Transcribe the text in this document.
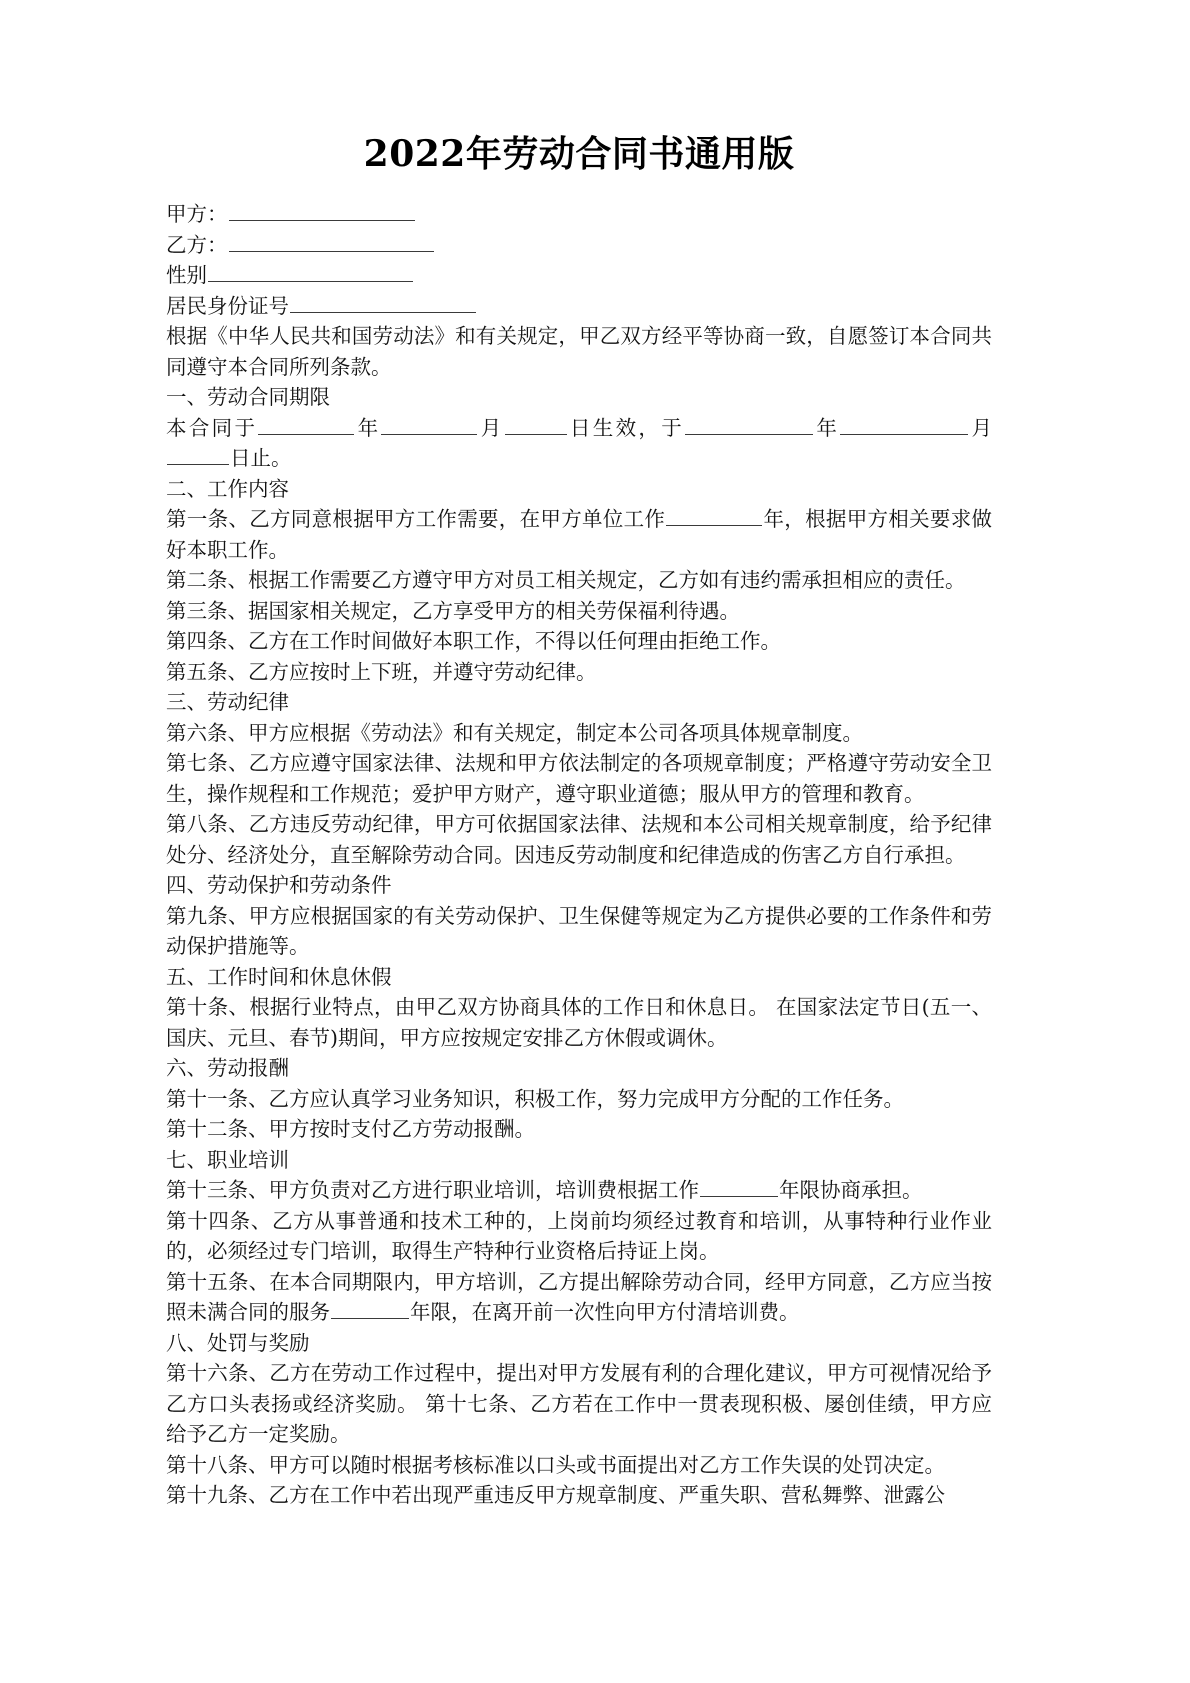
2022年劳动合同书通用版

甲方：

乙方：

性别

居民身份证号

根据《中华人民共和国劳动法》和有关规定，甲乙双方经平等协商一致，自愿签订本合同共同遵守本合同所列条款。

一、劳动合同期限

本合同于	年	月	日生效，于	年	月日止。

二、工作内容

第一条、乙方同意根据甲方工作需要，在甲方单位工作	年，根据甲方相关要求做好本职工作。

第二条、根据工作需要乙方遵守甲方对员工相关规定，乙方如有违约需承担相应的责任。

第三条、据国家相关规定，乙方享受甲方的相关劳保福利待遇。

第四条、乙方在工作时间做好本职工作，不得以任何理由拒绝工作。

第五条、乙方应按时上下班，并遵守劳动纪律。

三、劳动纪律

第六条、甲方应根据《劳动法》和有关规定，制定本公司各项具体规章制度。

第七条、乙方应遵守国家法律、法规和甲方依法制定的各项规章制度；严格遵守劳动安全卫生，操作规程和工作规范；爱护甲方财产，遵守职业道德；服从甲方的管理和教育。

第八条、乙方违反劳动纪律，甲方可依据国家法律、法规和本公司相关规章制度，给予纪律处分、经济处分，直至解除劳动合同。因违反劳动制度和纪律造成的伤害乙方自行承担。

四、劳动保护和劳动条件

第九条、甲方应根据国家的有关劳动保护、卫生保健等规定为乙方提供必要的工作条件和劳动保护措施等。

五、工作时间和休息休假

第十条、根据行业特点，由甲乙双方协商具体的工作日和休息日。 在国家法定节日(五一、国庆、元旦、春节)期间，甲方应按规定安排乙方休假或调休。

六、劳动报酬

第十一条、乙方应认真学习业务知识，积极工作，努力完成甲方分配的工作任务。

第十二条、甲方按时支付乙方劳动报酬。

七、职业培训

第十三条、甲方负责对乙方进行职业培训，培训费根据工作	年限协商承担。

第十四条、乙方从事普通和技术工种的，上岗前均须经过教育和培训，从事特种行业作业的，必须经过专门培训，取得生产特种行业资格后持证上岗。

第十五条、在本合同期限内，甲方培训，乙方提出解除劳动合同，经甲方同意，乙方应当按照未满合同的服务	年限，在离开前一次性向甲方付清培训费。

八、处罚与奖励

第十六条、乙方在劳动工作过程中，提出对甲方发展有利的合理化建议，甲方可视情况给予乙方口头表扬或经济奖励。 第十七条、乙方若在工作中一贯表现积极、屡创佳绩，甲方应给予乙方一定奖励。

第十八条、甲方可以随时根据考核标准以口头或书面提出对乙方工作失误的处罚决定。

第十九条、乙方在工作中若出现严重违反甲方规章制度、严重失职、营私舞弊、泄露公
